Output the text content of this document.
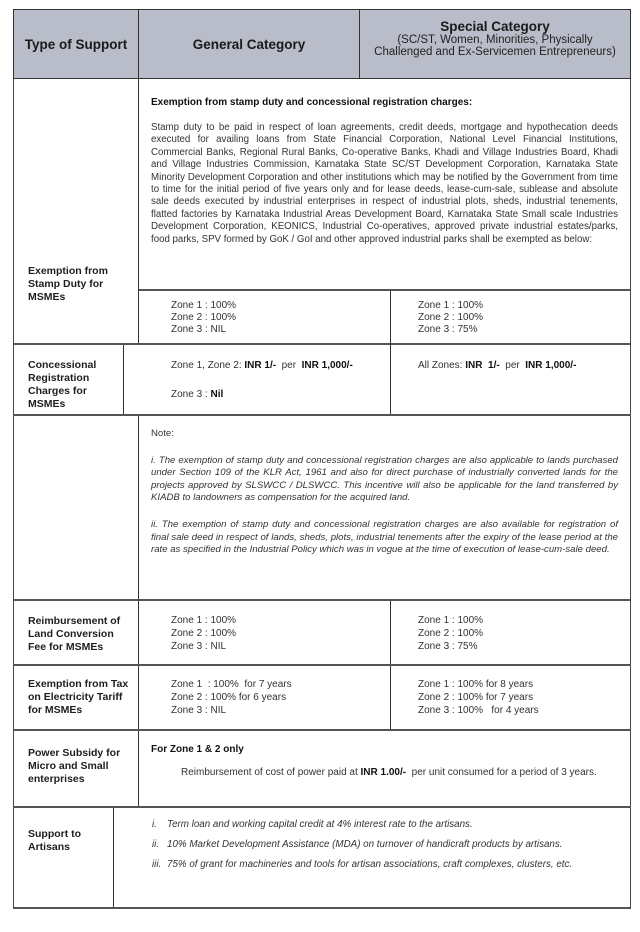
Type of Support	General Category
Special Category
(SC/ST, Women, Minorities, Physically Challenged and Ex-Servicemen Entrepreneurs)
Exemption from Stamp Duty for MSMEs

Exemption from stamp duty and concessional registration charges:

Stamp duty to be paid in respect of loan agreements, credit deeds, mortgage and hypothecation deeds executed for availing loans from State Financial Corporation, National Level Financial Institutions, Commercial Banks, Regional Rural Banks, Co-operative Banks, Khadi and Village Industries Board, Khadi and Village Industries Commission, Karnataka State SC/ST Development Corporation, Karnataka State Minority Development Corporation and other institutions which may be notified by the Government from time to time for the initial period of five years only and for lease deeds, lease-cum-sale, sublease and absolute sale deeds executed by industrial enterprises in respect of industrial plots, sheds, industrial tenements, flatted factories by Karnataka Industrial Areas Development Board, Karnataka State Small scale Industries Development Corporation, KEONICS, Industrial Co-operatives, approved private industrial estates/parks, food parks, SPV formed by GoK / GoI and other approved industrial parks shall be exempted as below:

Zone 1 : 100%
Zone 2 : 100%
Zone 3 : NIL
Zone 1 : 100%
Zone 2 : 100%
Zone 3 : 75%
Concessional Registration Charges for MSMEs
Zone 1, Zone 2: INR 1/-  per  INR 1,000/-
Zone 3 : Nil
All Zones: INR  1/-  per  INR 1,000/-

Note:

i. The exemption of stamp duty and concessional registration charges are also applicable to lands purchased under Section 109 of the KLR Act, 1961 and also for direct purchase of industrially converted lands for the projects approved by SLSWCC / DLSWCC. This incentive will also be applicable for the land transferred by KIADB to landowners as compensation for the acquired land.

ii. The exemption of stamp duty and concessional registration charges are also available for registration of final sale deed in respect of lands, sheds, plots, industrial tenements after the expiry of the lease period at the rate as specified in the Industrial Policy which was in vogue at the time of execution of lease-cum-sale deed.

Reimbursement of Land Conversion Fee for MSMEs
Zone 1 : 100%
Zone 2 : 100%
Zone 3 : NIL
Zone 1 : 100%
Zone 2 : 100%
Zone 3 : 75%
Exemption from Tax on Electricity Tariff for MSMEs
Zone 1  : 100%  for 7 years
Zone 2 : 100% for 6 years
Zone 3 : NIL
Zone 1 : 100% for 8 years
Zone 2 : 100% for 7 years
Zone 3 : 100%   for 4 years
Power Subsidy for Micro and Small enterprises

For Zone 1 & 2 only

Reimbursement of cost of power paid at INR 1.00/-  per unit consumed for a period of 3 years.

Support to Artisans
i.	Term loan and working capital credit at 4% interest rate to the artisans.
ii. 10% Market Development Assistance (MDA) on turnover of handicraft products by artisans.
iii. 75% of grant for machineries and tools for artisan associations, craft complexes, clusters, etc.
